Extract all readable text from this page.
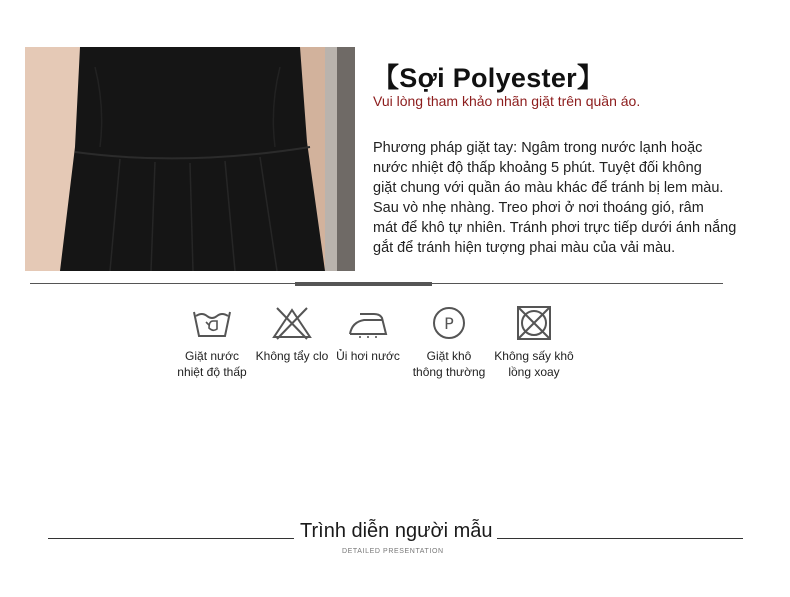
【Sợi Polyester】
Vui lòng tham khảo nhãn giặt trên quần áo.
Phương pháp giặt tay: Ngâm trong nước lạnh hoặc
nước nhiệt độ thấp khoảng 5 phút. Tuyệt đối không
giặt chung với quần áo màu khác để tránh bị lem màu.
Sau vò nhẹ nhàng. Treo phơi ở nơi thoáng gió, râm
mát để khô tự nhiên. Tránh phơi trực tiếp dưới ánh nắng
gắt để tránh hiện tượng phai màu của vải màu.
Giặt nước
nhiệt độ thấp
Không tẩy clo Ủi hơi nước
P
Giặt khô
thông thường
Không sấy khô
lồng xoay
Trình diễn người mẫu
DETAILED PRESENTATION
